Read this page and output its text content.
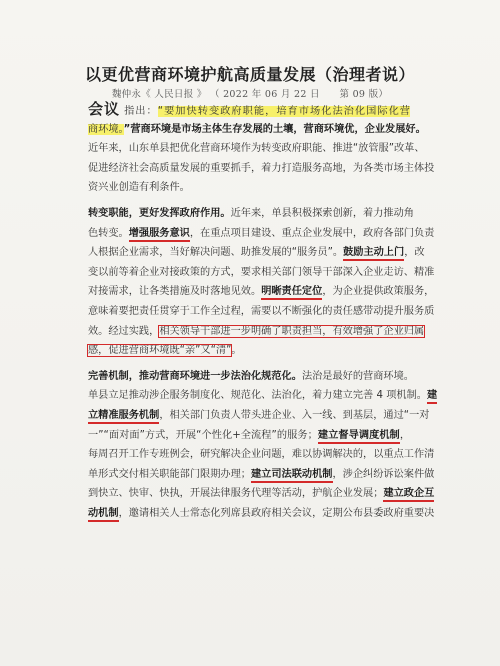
以更优营商环境护航高质量发展（治理者说）
魏仲永《 人民日报 》 （ 2022 年 06 月 22 日　　第 09 版）
会议 指出：“要加快转变政府职能，培育市场化法治化国际化营
商环境。”营商环境是市场主体生存发展的土壤，营商环境优，企业发展好。
近年来，山东单县把优化营商环境作为转变政府职能、推进“放管服”改革、
促进经济社会高质量发展的重要抓手，着力打造服务高地，为各类市场主体投
资兴业创造有利条件。
转变职能，更好发挥政府作用。近年来，单县积极探索创新，着力推动角
色转变。增强服务意识，在重点项目建设、重点企业发展中，政府各部门负责
人根据企业需求，当好解决问题、助推发展的“服务员”。鼓励主动上门，改
变以前等着企业对接政策的方式，要求相关部门领导干部深入企业走访、精准
对接需求，让各类措施及时落地见效。明晰责任定位，为企业提供政策服务，
意味着要把责任贯穿于工作全过程，需要以不断强化的责任感带动提升服务质
效。经过实践，相关领导干部进一步明确了职责担当，有效增强了企业归属
感，促进营商环境既“亲”又“清”。
完善机制，推动营商环境进一步法治化规范化。法治是最好的营商环境。
单县立足推动涉企服务制度化、规范化、法治化，着力建立完善 4 项机制。建
立精准服务机制，相关部门负责人带头进企业、入一线、到基层，通过“一对
一”“面对面”方式，开展“个性化+全流程”的服务；建立督导调度机制，
每周召开工作专班例会，研究解决企业问题，难以协调解决的，以重点工作清
单形式交付相关职能部门限期办理；建立司法联动机制，涉企纠纷诉讼案件做
到快立、快审、快执，开展法律服务代理等活动，护航企业发展；建立政企互
动机制，邀请相关人士常态化列席县政府相关会议，定期公布县委政府重要决
